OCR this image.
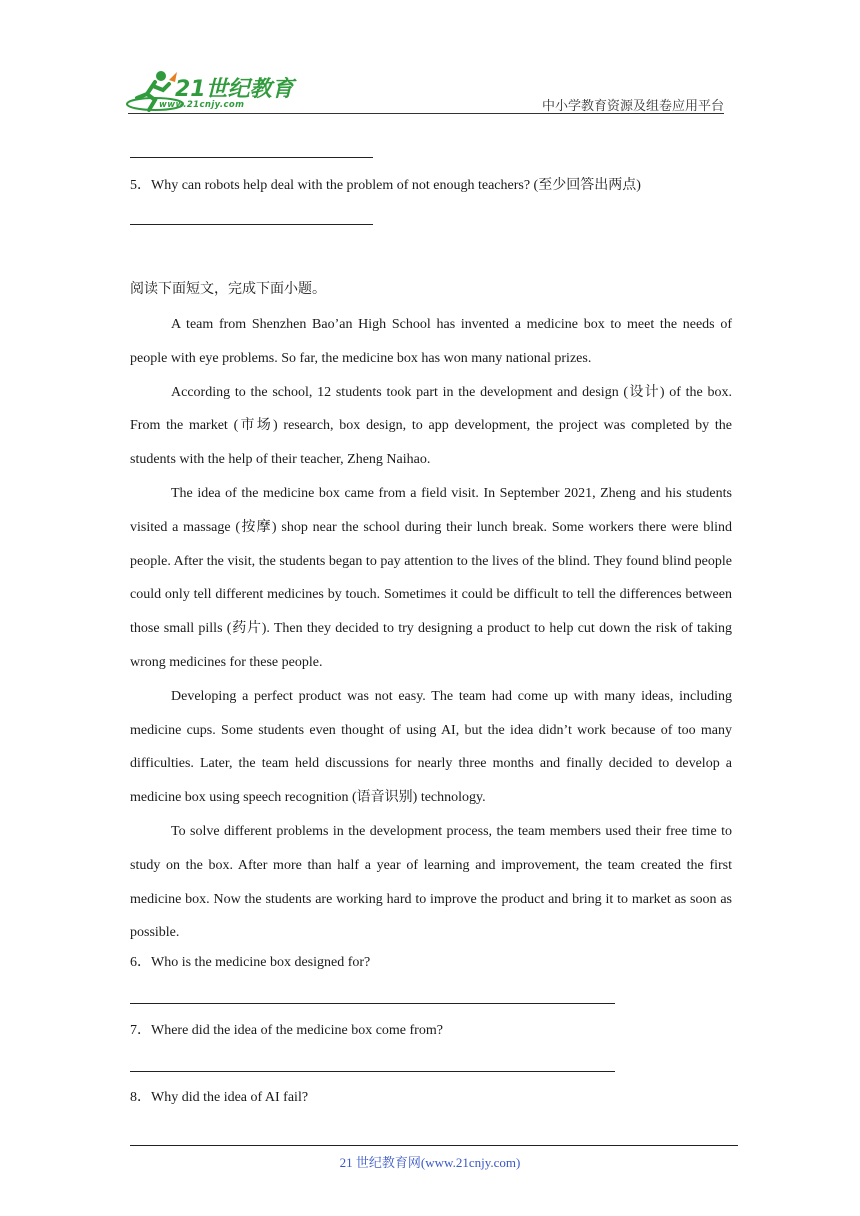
21世纪教育
www.21cnjy.com	中小学教育资源及组卷应用平台
5．Why can robots help deal with the problem of not enough teachers? (至少回答出两点)
阅读下面短文，完成下面小题。

A team from Shenzhen Bao’an High School has invented a medicine box to meet the needs of people with eye problems. So far, the medicine box has won many national prizes.

According to the school, 12 students took part in the development and design (设计) of the box. From the market (市场) research, box design, to app development, the project was completed by the students with the help of their teacher, Zheng Naihao.

The idea of the medicine box came from a field visit. In September 2021, Zheng and his students visited a massage (按摩) shop near the school during their lunch break. Some workers there were blind people. After the visit, the students began to pay attention to the lives of the blind. They found blind people could only tell different medicines by touch. Sometimes it could be difficult to tell the differences between those small pills (药片). Then they decided to try designing a product to help cut down the risk of taking wrong medicines for these people.

Developing a perfect product was not easy. The team had come up with many ideas, including medicine cups. Some students even thought of using AI, but the idea didn’t work because of too many difficulties. Later, the team held discussions for nearly three months and finally decided to develop a medicine box using speech recognition (语音识别) technology.

To solve different problems in the development process, the team members used their free time to study on the box. After more than half a year of learning and improvement, the team created the first medicine box. Now the students are working hard to improve the product and bring it to market as soon as possible.

6．Who is the medicine box designed for?
7．Where did the idea of the medicine box come from?
8．Why did the idea of AI fail?
21 世纪教育网(www.21cnjy.com)
